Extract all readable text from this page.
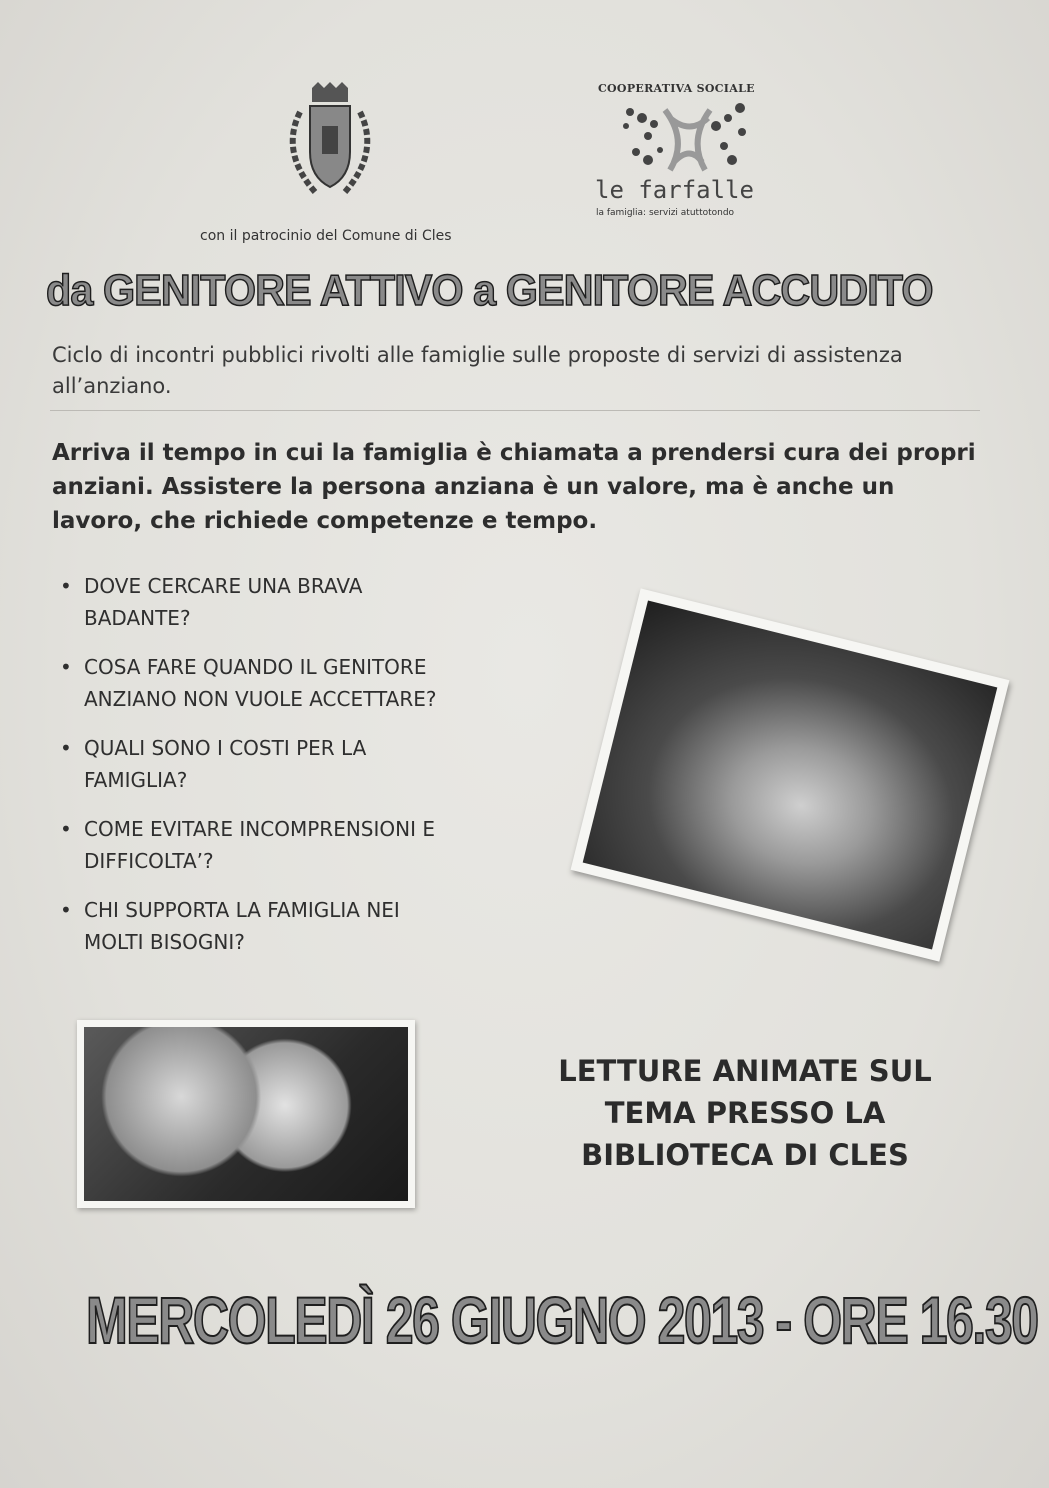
con il patrocinio del Comune di Cles
COOPERATIVA SOCIALE
le farfalle
la famiglia: servizi atuttotondo
da GENITORE ATTIVO a GENITORE ACCUDITO
Ciclo di incontri pubblici rivolti alle famiglie sulle proposte di servizi di assistenza all’anziano.
Arriva il tempo in cui la famiglia è chiamata a prendersi cura dei propri anziani. Assistere la persona anziana è un valore, ma è anche un lavoro, che richiede competenze e tempo.
• DOVE CERCARE UNA BRAVA
BADANTE?
• COSA FARE QUANDO IL GENITORE
ANZIANO NON VUOLE ACCETTARE?
• QUALI SONO I COSTI PER LA
FAMIGLIA?
• COME EVITARE INCOMPRENSIONI E
DIFFICOLTA’?
• CHI SUPPORTA LA FAMIGLIA NEI
MOLTI BISOGNI?
LETTURE ANIMATE SUL
TEMA PRESSO LA
BIBLIOTECA DI CLES
MERCOLEDÌ 26 GIUGNO 2013 - ORE 16.30
